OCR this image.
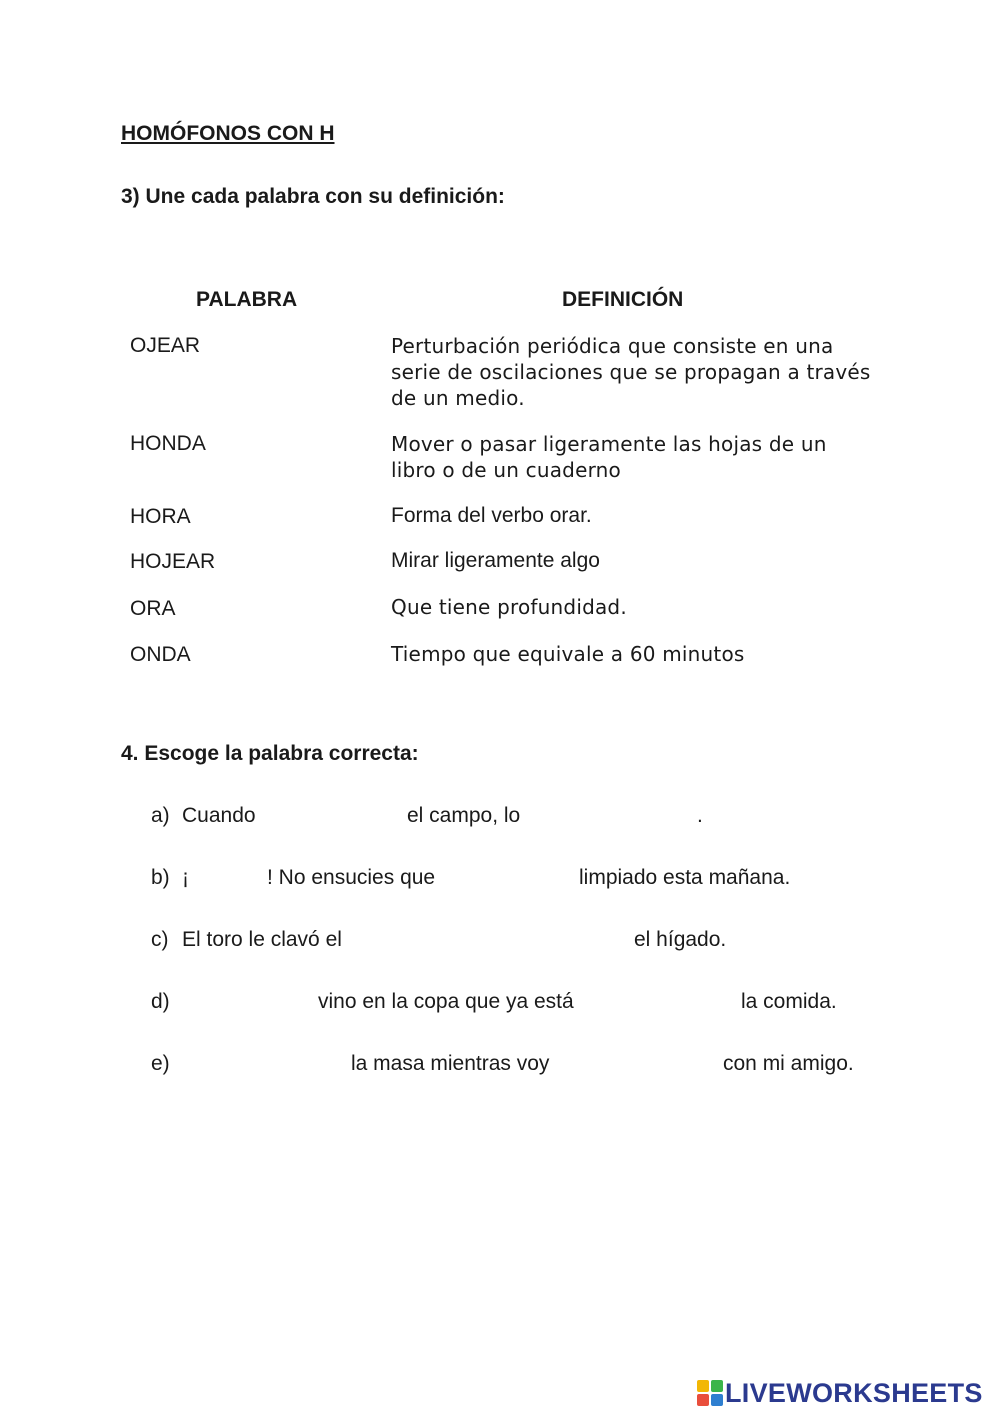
HOMÓFONOS CON H
3) Une cada palabra con su definición:
PALABRA	DEFINICIÓN
OJEAR	Perturbación periódica que consiste en una serie de oscilaciones que se propagan a través de un medio.
HONDA	Mover o pasar ligeramente las hojas de un libro o de un cuaderno
HORA	Forma del verbo orar.
HOJEAR	Mirar ligeramente algo
ORA	Que tiene profundidad.
ONDA	Tiempo que equivale a 60 minutos
4. Escoge la palabra correcta:
a) Cuando	el campo, lo	.
b) ¡	! No ensucies que	limpiado esta mañana.
c) El toro le clavó el	el hígado.
d)	vino en la copa que ya está	la comida.
e)	la masa mientras voy	con mi amigo.
LIVEWORKSHEETS
